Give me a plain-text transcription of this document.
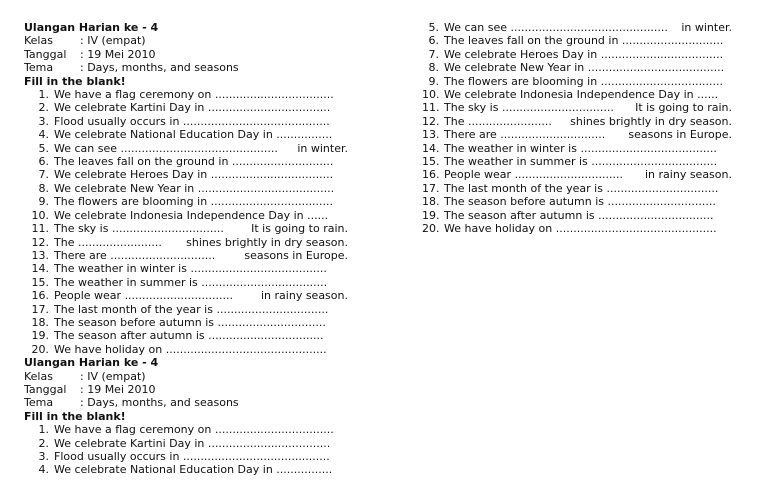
Ulangan Harian ke - 4
Kelas	: IV (empat)
Tanggal	: 19 Mei 2010
Tema	: Days, months, and seasons
Fill in the blank!
1. We have a flag ceremony on ..................................
2. We celebrate Kartini Day in ...................................
3. Flood usually occurs in ..........................................
4. We celebrate National Education Day in ................
5. We can see ............................................. in winter.
6. The leaves fall on the ground in .............................
7. We celebrate Heroes Day in ...................................
8. We celebrate New Year in .......................................
9. The flowers are blooming in ...................................
10. We celebrate Indonesia Independence Day in ......
11. The sky is ................................ It is going to rain.
12. The ........................ shines brightly in dry season.
13. There are ..............................	seasons in Europe.
14. The weather in winter is .......................................
15. The weather in summer is ....................................
16. People wear ...............................	in rainy season.
17. The last month of the year is ................................
18. The season before autumn is ...............................
19. The season after autumn is .................................
20. We have holiday on ..............................................
Ulangan Harian ke - 4
Kelas	: IV (empat)
Tanggal	: 19 Mei 2010
Tema	: Days, months, and seasons
Fill in the blank!
1. We have a flag ceremony on ..................................
2. We celebrate Kartini Day in ...................................
3. Flood usually occurs in ..........................................
4. We celebrate National Education Day in ................
5. We can see ............................................. in winter.
6. The leaves fall on the ground in .............................
7. We celebrate Heroes Day in ...................................
8. We celebrate New Year in .......................................
9. The flowers are blooming in ...................................
10. We celebrate Indonesia Independence Day in ......
11. The sky is ................................ It is going to rain.
12. The ........................ shines brightly in dry season.
13. There are .............................. seasons in Europe.
14. The weather in winter is .......................................
15. The weather in summer is ....................................
16. People wear ............................... in rainy season.
17. The last month of the year is ................................
18. The season before autumn is ...............................
19. The season after autumn is .................................
20. We have holiday on ..............................................
